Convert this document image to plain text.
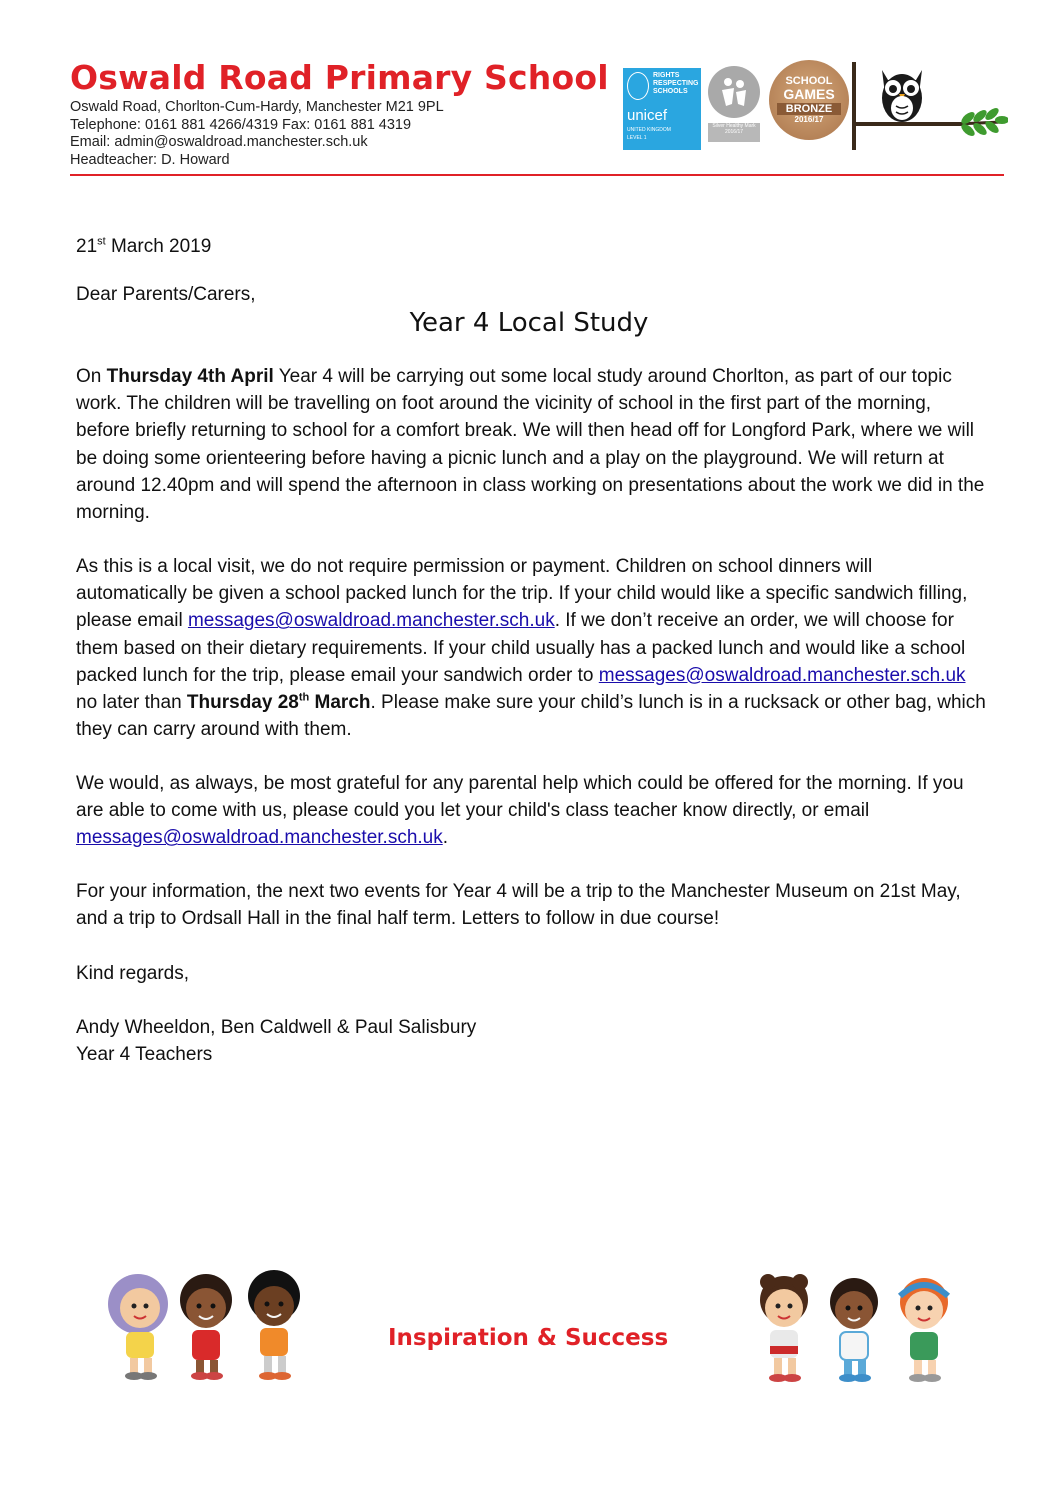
Oswald Road Primary School
Oswald Road, Chorlton-Cum-Hardy, Manchester M21 9PL
Telephone: 0161 881 4266/4319 Fax: 0161 881 4319
Email: admin@oswaldroad.manchester.sch.uk
Headteacher: D. Howard
RIGHTS RESPECTING SCHOOLS
unicef
UNITED KINGDOM
LEVEL 1
Silver Healthy Mark 2016/17
SCHOOL
GAMES
BRONZE
2016/17
21st March 2019
Dear Parents/Carers,
Year 4 Local Study
On Thursday 4th April Year 4 will be carrying out some local study around Chorlton, as part of our topic work. The children will be travelling on foot around the vicinity of school in the first part of the morning, before briefly returning to school for a comfort break. We will then head off for Longford Park, where we will be doing some orienteering before having a picnic lunch and a play on the playground. We will return at around 12.40pm and will spend the afternoon in class working on presentations about the work we did in the morning.
As this is a local visit, we do not require permission or payment. Children on school dinners will automatically be given a school packed lunch for the trip. If your child would like a specific sandwich filling, please email messages@oswaldroad.manchester.sch.uk. If we don’t receive an order, we will choose for them based on their dietary requirements. If your child usually has a packed lunch and would like a school packed lunch for the trip, please email your sandwich order to messages@oswaldroad.manchester.sch.uk no later than Thursday 28th March. Please make sure your child’s lunch is in a rucksack or other bag, which they can carry around with them.
We would, as always, be most grateful for any parental help which could be offered for the morning. If you are able to come with us, please could you let your child's class teacher know directly, or email messages@oswaldroad.manchester.sch.uk.
For your information, the next two events for Year 4 will be a trip to the Manchester Museum on 21st May, and a trip to Ordsall Hall in the final half term. Letters to follow in due course!
Kind regards,
Andy Wheeldon, Ben Caldwell & Paul Salisbury
Year 4 Teachers
Inspiration & Success
